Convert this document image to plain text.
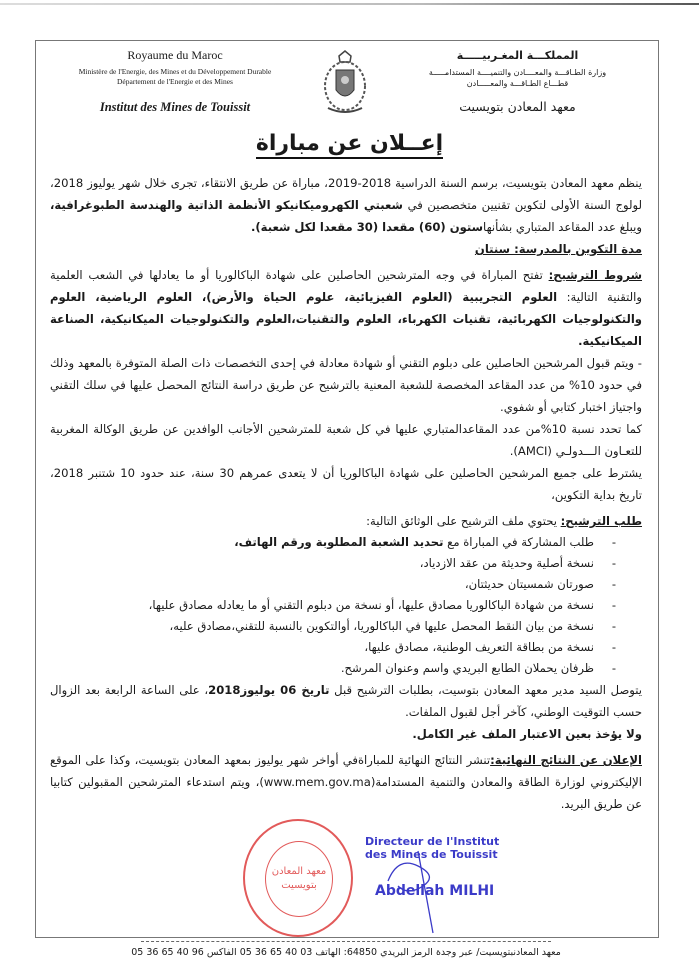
Royaume du Maroc
Ministère de l'Energie, des Mines et du Développement Durable
Département de l'Energie et des Mines
Institut des Mines de Touissit
المملكـــة المغـربيـــــة
وزارة الطـاقـــة والمعــــادن والتنميــــة المستدامـــــة
قطـــاع الطـاقـــة والمعـــــادن
معهد المعادن بتويسيت
إعــلان عن مباراة

ينظم معهد المعادن بتويسيت، برسم السنة الدراسية 2018-2019، مباراة عن طريق الانتقاء، تجرى خلال شهر يوليوز 2018، لولوج السنة الأولى لتكوين تقنيين متخصصين في شعبتي الكهروميكانيكو الأنظمة الذاتية والهندسة الطبوغرافية، ويبلغ عدد المقاعد المتباري بشأنهاستون (60) مقعدا (30 مقعدا لكل شعبة).

مدة التكوين بالمدرسة: سنتان

شروط الترشيح: تفتح المباراة في وجه المترشحين الحاصلين على شهادة الباكالوريا أو ما يعادلها في الشعب العلمية والتقنية التالية: العلوم التجريبية (العلوم الفيزيائية، علوم الحياة والأرض)، العلوم الرياضية، العلوم والتكنولوجيات الكهربائية، تقنيات الكهرباء، العلوم والتقنيات،العلوم والتكنولوجيات الميكانيكية، الصناعة الميكانيكية.

- ويتم قبول المرشحين الحاصلين على دبلوم التقني أو شهادة معادلة في إحدى التخصصات ذات الصلة المتوفرة بالمعهد وذلك في حدود 10% من عدد المقاعد المخصصة للشعبة المعنية بالترشيح عن طريق دراسة النتائج المحصل عليها في سلك التقني واجتياز اختبار كتابي أو شفوي.

كما تحدد نسبة 10%من عدد المقاعدالمتباري عليها في كل شعبة للمترشحين الأجانب الوافدين عن طريق الوكالة المغربية للتعـاون الـــدولـي (AMCI).

يشترط على جميع المرشحين الحاصلين على شهادة الباكالوريا أن لا يتعدى عمرهم 30 سنة، عند حدود 10 شتنبر 2018، تاريخ بداية التكوين،

طلب الترشيح: يحتوي ملف الترشيح على الوثائق التالية:

- طلب المشاركة في المباراة مع تحديد الشعبة المطلوبة ورقم الهاتف،
- نسخة أصلية وحديثة من عقد الازدياد،
- صورتان شمسيتان حديثتان،
- نسخة من شهادة الباكالوريا مصادق عليها، أو نسخة من دبلوم التقني أو ما يعادله مصادق عليها،
- نسخة من بيان النقط المحصل عليها في الباكالوريا، أوالتكوين بالنسبة للتقني،مصادق عليه،
- نسخة من بطاقة التعريف الوطنية، مصادق عليها،
- ظرفان يحملان الطابع البريدي واسم وعنوان المرشح.

يتوصل السيد مدير معهد المعادن بتوسيت، بطلبات الترشيح قبل تاريخ 06 يوليوز2018، على الساعة الرابعة بعد الزوال حسب التوقيت الوطني، كآخر أجل لقبول الملفات.

ولا يؤخذ بعين الاعتبار الملف غير الكامل.

الإعلان عن النتائج النهائية:تنشر النتائج النهائية للمباراةفي أواخر شهر يوليوز بمعهد المعادن بتويسيت، وكذا على الموقع الإليكتروني لوزارة الطاقة والمعادن والتنمية المستدامة(www.mem.gov.ma)، ويتم استدعاء المترشحين المقبولين كتابيا عن طريق البريد.

معهد المعادن بتويسيت
Directeur de l'Institut
des Mines de Touissit
Abdellah MILHI
معهد المعادنبتويسيت/ عبر وجدة الرمز البريدي 64850: الهاتف 03 40 65 36 05 الفاكس 96 40 65 36 05
